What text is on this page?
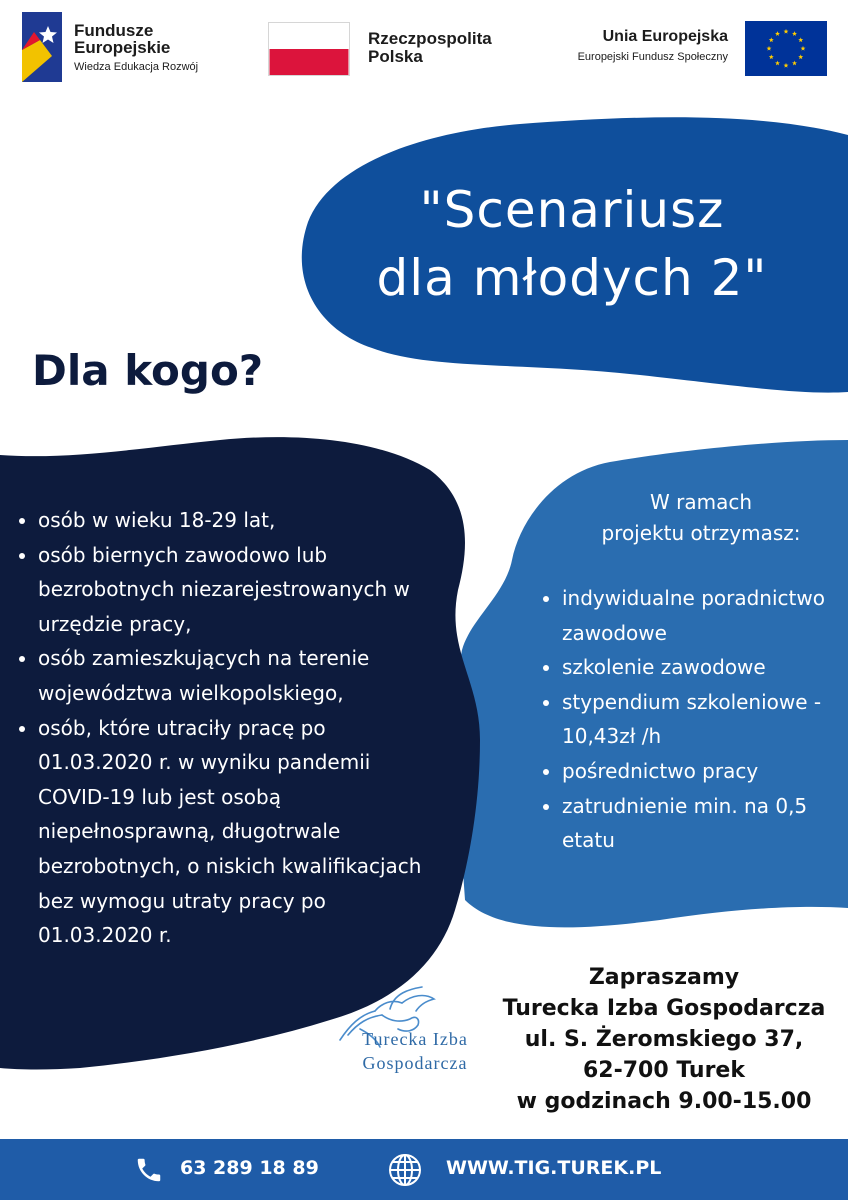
Fundusze
Europejskie
Wiedza Edukacja Rozwój
Rzeczpospolita
Polska
Unia Europejska
Europejski Fundusz Społeczny
"Scenariusz
dla młodych 2"
Dla kogo?
osób w wieku 18-29 lat,
osób biernych zawodowo lub bezrobotnych niezarejestrowanych w urzędzie pracy,
osób zamieszkujących na terenie województwa wielkopolskiego,
osób, które utraciły pracę po 01.03.2020 r. w wyniku pandemii COVID-19 lub jest osobą niepełnosprawną, długotrwale bezrobotnych, o niskich kwalifikacjach bez wymogu utraty pracy po 01.03.2020 r.
W ramach
projektu otrzymasz:
indywidualne poradnictwo zawodowe
szkolenie zawodowe
stypendium szkoleniowe - 10,43zł /h
pośrednictwo pracy
zatrudnienie min. na 0,5 etatu
Turecka Izba
Gospodarcza
Zapraszamy
Turecka Izba Gospodarcza
ul. S. Żeromskiego 37,
62-700 Turek
w godzinach 9.00-15.00
63 289 18 89	WWW.TIG.TUREK.PL
